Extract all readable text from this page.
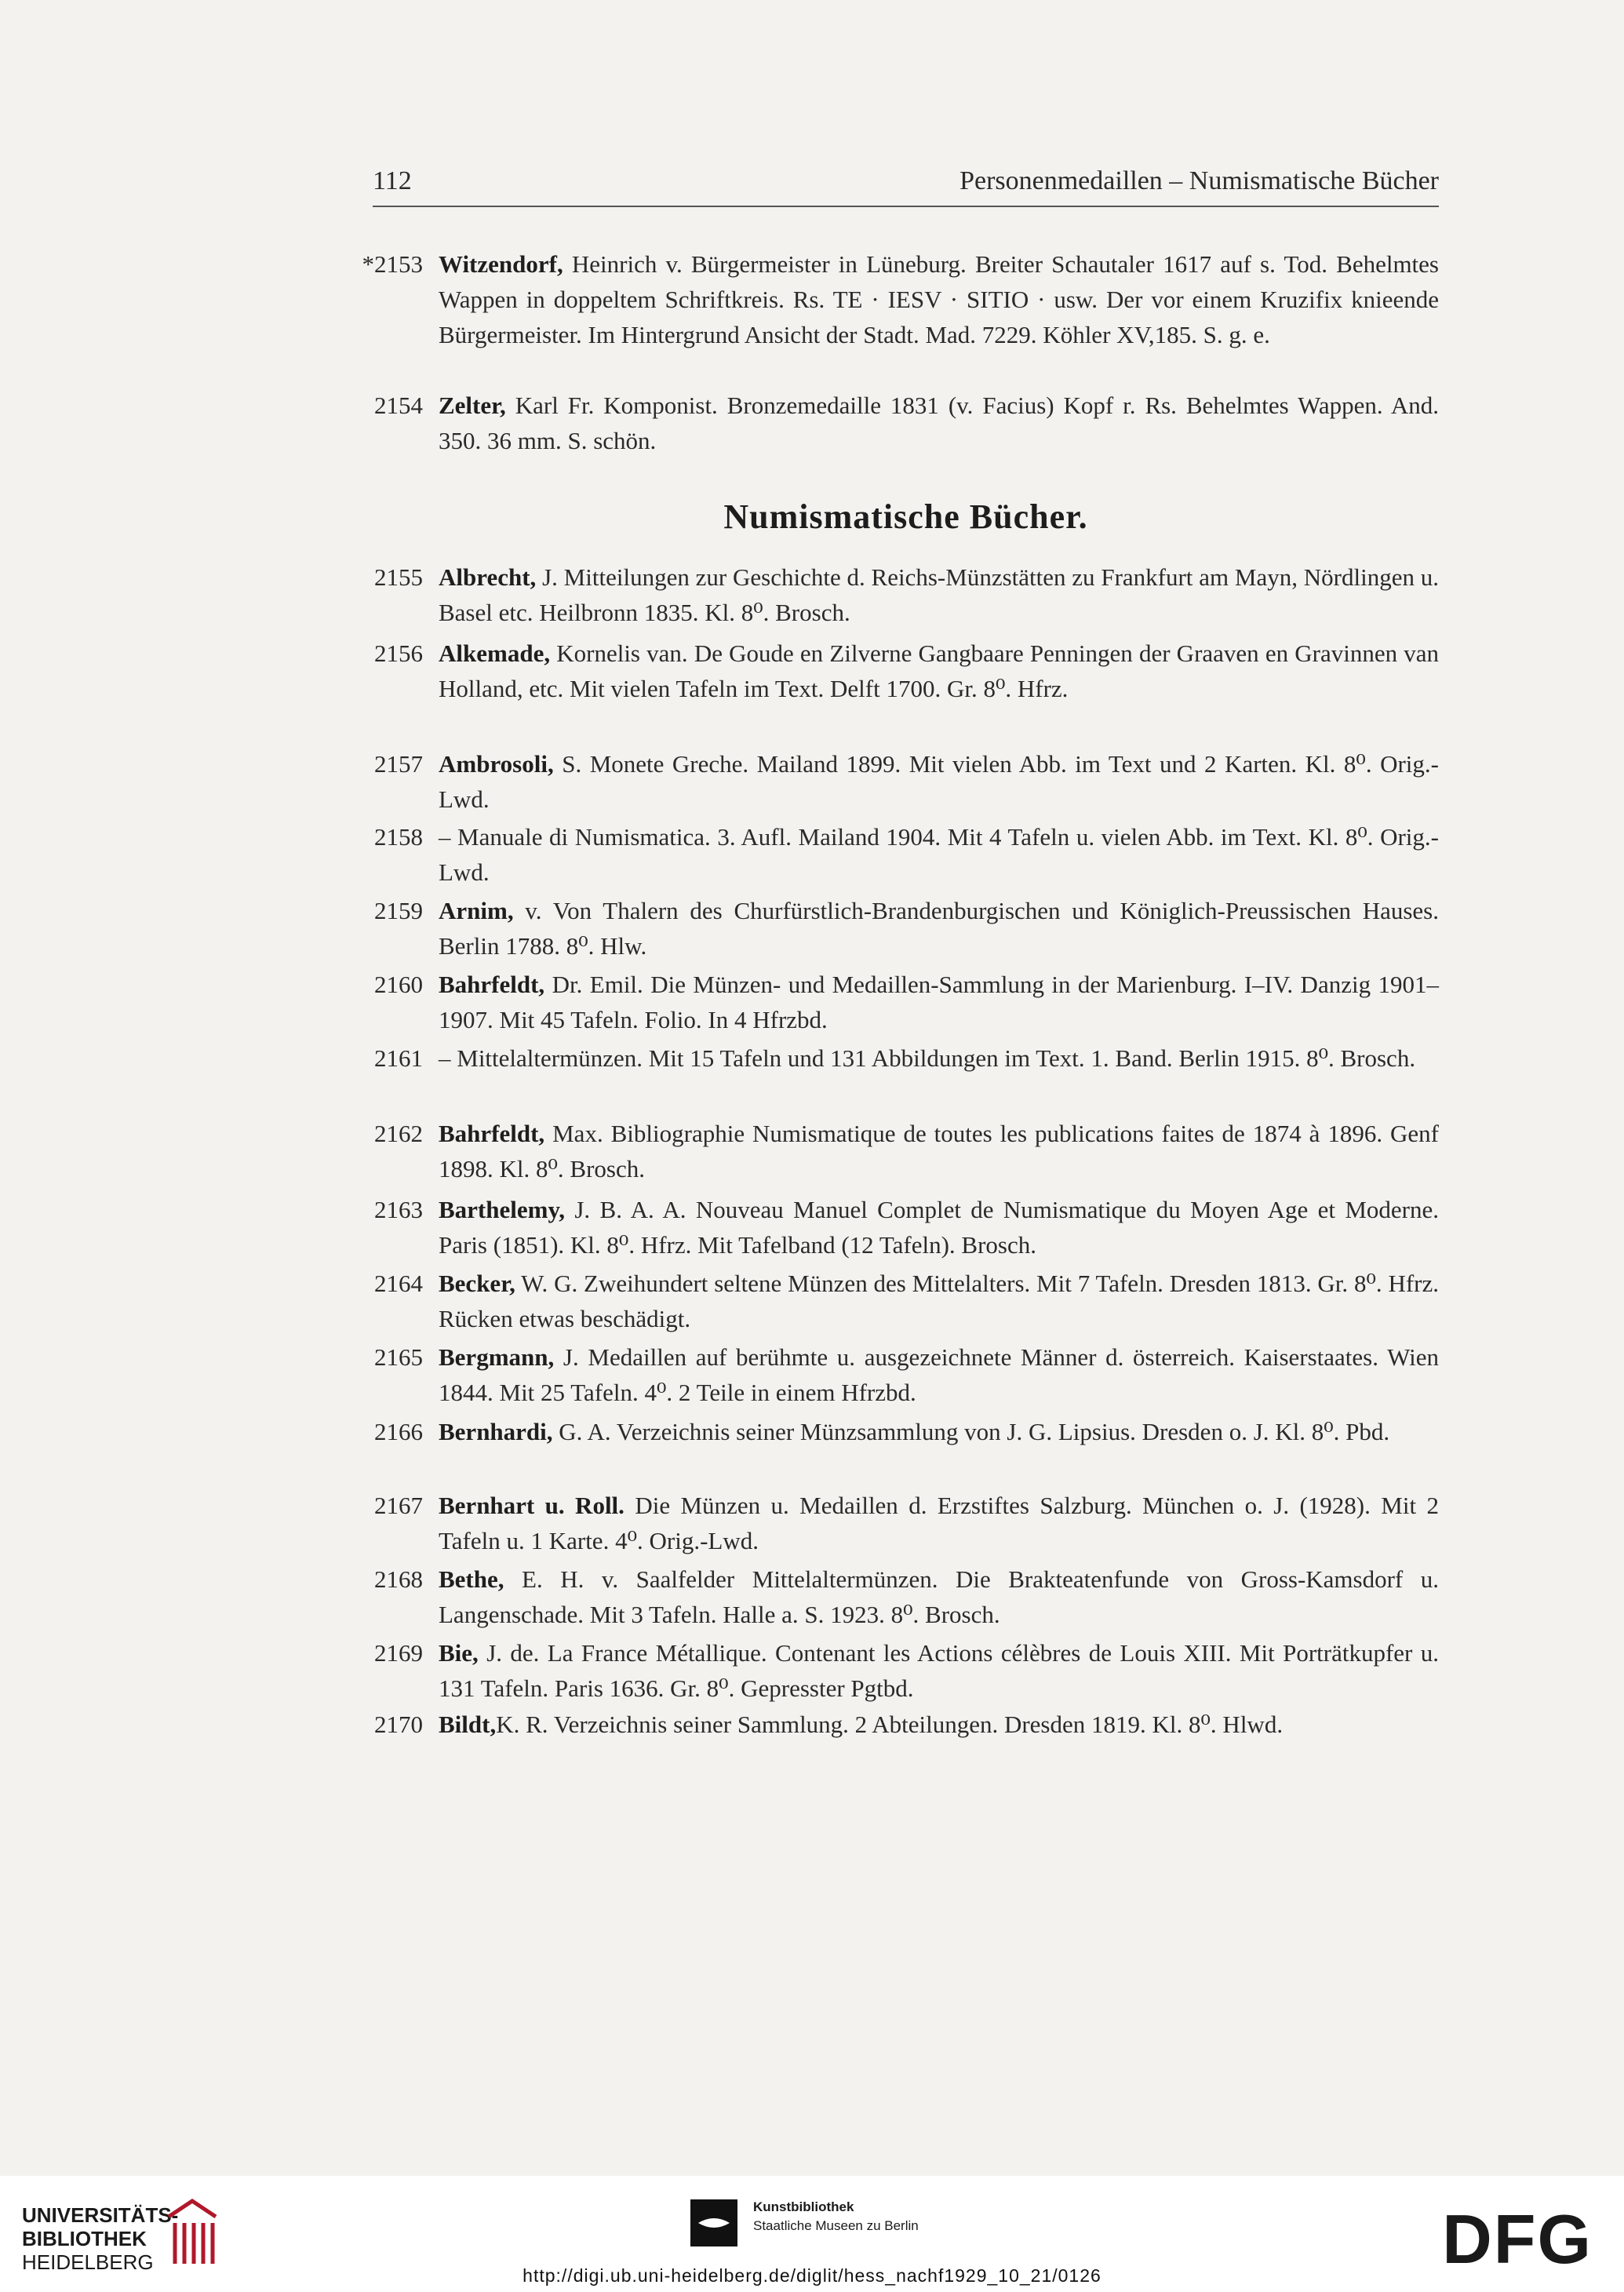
112	Personenmedaillen – Numismatische Bücher
*2153 Witzendorf, Heinrich v. Bürgermeister in Lüneburg. Breiter Schautaler 1617 auf s. Tod. Behelmtes Wappen in doppeltem Schriftkreis. Rs. TE · IESV · SITIO · usw. Der vor einem Kruzifix knieende Bürgermeister. Im Hintergrund Ansicht der Stadt. Mad. 7229. Köhler XV,185. S. g. e.
2154 Zelter, Karl Fr. Komponist. Bronzemedaille 1831 (v. Facius) Kopf r. Rs. Behelmtes Wappen. And. 350. 36 mm. S. schön.
Numismatische Bücher.
2155 Albrecht, J. Mitteilungen zur Geschichte d. Reichs-Münzstätten zu Frankfurt am Mayn, Nördlingen u. Basel etc. Heilbronn 1835. Kl. 8⁰. Brosch.
2156 Alkemade, Kornelis van. De Goude en Zilverne Gangbaare Penningen der Graaven en Gravinnen van Holland, etc. Mit vielen Tafeln im Text. Delft 1700. Gr. 8⁰. Hfrz.
2157 Ambrosoli, S. Monete Greche. Mailand 1899. Mit vielen Abb. im Text und 2 Karten. Kl. 8⁰. Orig.-Lwd.
2158 – Manuale di Numismatica. 3. Aufl. Mailand 1904. Mit 4 Tafeln u. vielen Abb. im Text. Kl. 8⁰. Orig.-Lwd.
2159 Arnim, v. Von Thalern des Churfürstlich-Brandenburgischen und Königlich-Preussischen Hauses. Berlin 1788. 8⁰. Hlw.
2160 Bahrfeldt, Dr. Emil. Die Münzen- und Medaillen-Sammlung in der Marienburg. I–IV. Danzig 1901–1907. Mit 45 Tafeln. Folio. In 4 Hfrzbd.
2161 – Mittelaltermünzen. Mit 15 Tafeln und 131 Abbildungen im Text. 1. Band. Berlin 1915. 8⁰. Brosch.
2162 Bahrfeldt, Max. Bibliographie Numismatique de toutes les publications faites de 1874 à 1896. Genf 1898. Kl. 8⁰. Brosch.
2163 Barthelemy, J. B. A. A. Nouveau Manuel Complet de Numismatique du Moyen Age et Moderne. Paris (1851). Kl. 8⁰. Hfrz. Mit Tafelband (12 Tafeln). Brosch.
2164 Becker, W. G. Zweihundert seltene Münzen des Mittelalters. Mit 7 Tafeln. Dresden 1813. Gr. 8⁰. Hfrz. Rücken etwas beschädigt.
2165 Bergmann, J. Medaillen auf berühmte u. ausgezeichnete Männer d. österreich. Kaiserstaates. Wien 1844. Mit 25 Tafeln. 4⁰. 2 Teile in einem Hfrzbd.
2166 Bernhardi, G. A. Verzeichnis seiner Münzsammlung von J. G. Lipsius. Dresden o. J. Kl. 8⁰. Pbd.
2167 Bernhart u. Roll. Die Münzen u. Medaillen d. Erzstiftes Salzburg. München o. J. (1928). Mit 2 Tafeln u. 1 Karte. 4⁰. Orig.-Lwd.
2168 Bethe, E. H. v. Saalfelder Mittelaltermünzen. Die Brakteatenfunde von Gross-Kamsdorf u. Langenschade. Mit 3 Tafeln. Halle a. S. 1923. 8⁰. Brosch.
2169 Bie, J. de. La France Métallique. Contenant les Actions célèbres de Louis XIII. Mit Porträtkupfer u. 131 Tafeln. Paris 1636. Gr. 8⁰. Gepresster Pgtbd.
2170 Bildt,K. R. Verzeichnis seiner Sammlung. 2 Abteilungen. Dresden 1819. Kl. 8⁰. Hlwd.
UNIVERSITÄTS-
BIBLIOTHEK
HEIDELBERG
Kunstbibliothek
Staatliche Museen zu Berlin	DFG
http://digi.ub.uni-heidelberg.de/diglit/hess_nachf1929_10_21/0126
